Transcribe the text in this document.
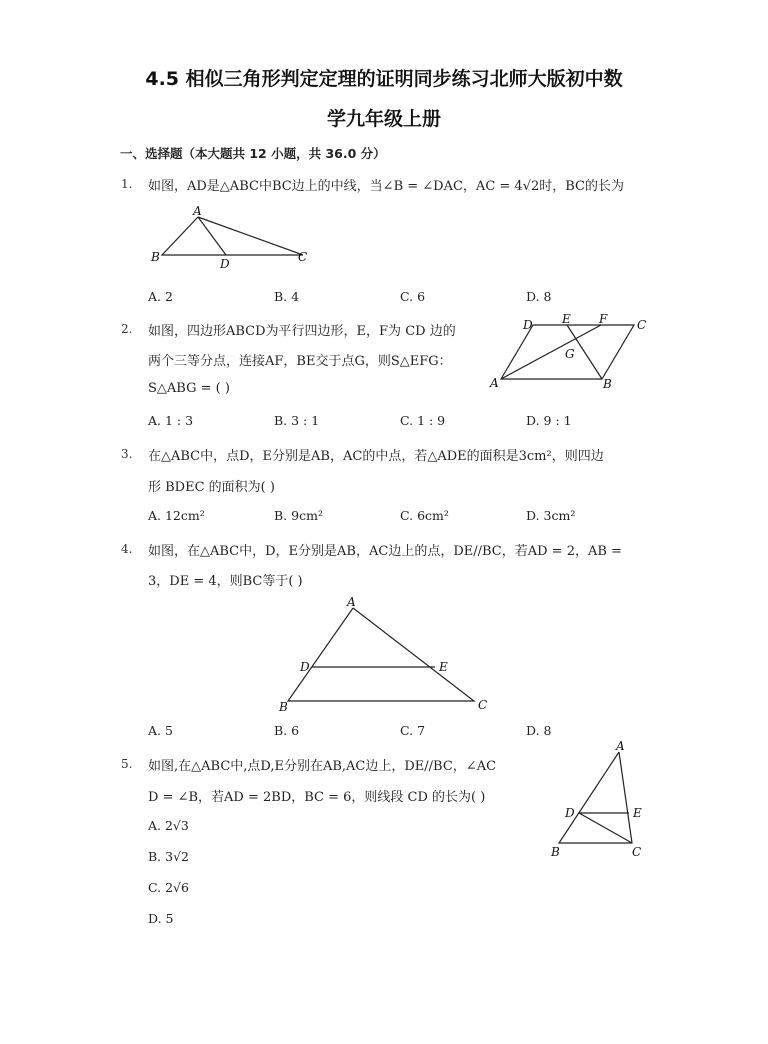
4.5 相似三角形判定定理的证明同步练习北师大版初中数
学九年级上册
一、选择题（本大题共 12 小题，共 36.0 分）
1. 如图，AD是△ABC中BC边上的中线，当∠B = ∠DAC，AC = 4√2时，BC的长为
A
B	D	C
A. 2	B. 4	C. 6	D. 8
2. 如图，四边形ABCD为平行四边形，E，F为 CD 边的
两个三等分点，连接AF，BE交于点G，则S△EFG：
S△ABG = ( )
D E F C
G
A	B
A. 1 : 3	B. 3 : 1	C. 1 : 9	D. 9 : 1
3. 在△ABC中，点D，E分别是AB，AC的中点，若△ADE的面积是3cm²，则四边
形 BDEC 的面积为( )
A. 12cm²	B. 9cm²	C. 6cm²	D. 3cm²
4. 如图，在△ABC中，D，E分别是AB，AC边上的点，DE//BC，若AD = 2，AB =
3，DE = 4，则BC等于( )
A
D	E
B	C
A. 5	B. 6	C. 7	D. 8
5. 如图,在△ABC中,点D,E分别在AB,AC边上，DE//BC，∠AC
D = ∠B，若AD = 2BD，BC = 6，则线段 CD 的长为( )
A
D	E
B	C
A. 2√3
B. 3√2
C. 2√6
D. 5
